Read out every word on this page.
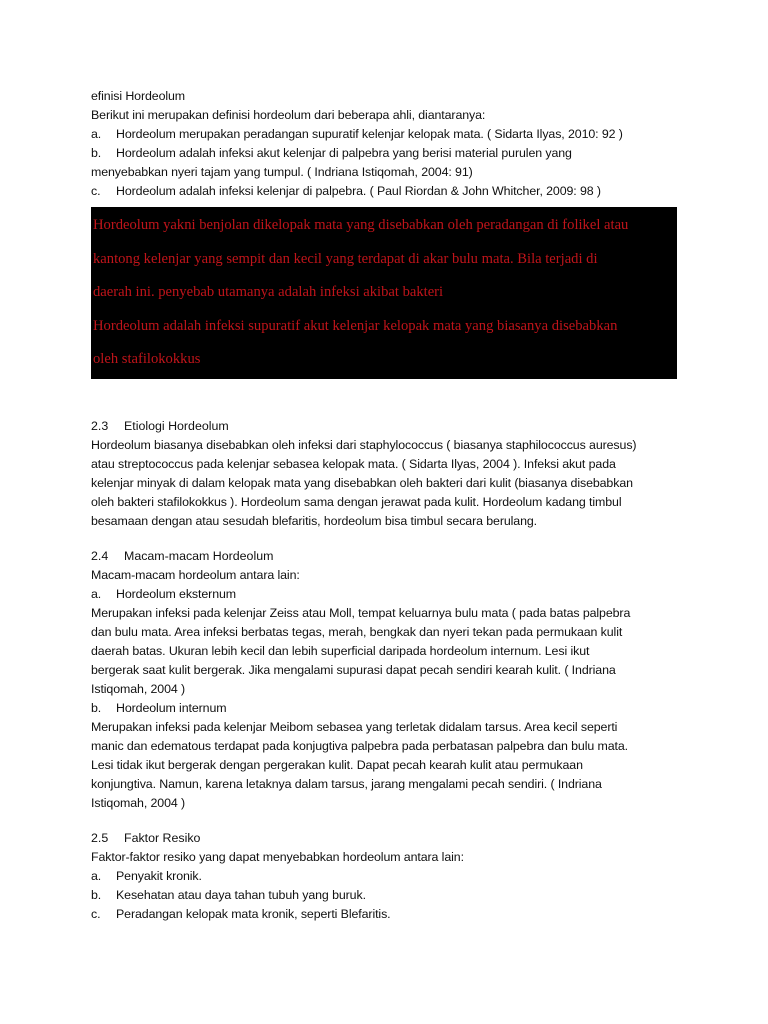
efinisi Hordeolum
Berikut ini merupakan definisi hordeolum dari beberapa ahli, diantaranya:
a.	Hordeolum merupakan peradangan supuratif kelenjar kelopak mata. ( Sidarta Ilyas, 2010: 92 )
b.	Hordeolum adalah infeksi akut kelenjar di palpebra yang berisi material purulen yang
menyebabkan nyeri tajam yang tumpul. ( Indriana Istiqomah, 2004: 91)
c.	Hordeolum adalah infeksi kelenjar di palpebra. ( Paul Riordan & John Whitcher, 2009: 98 )

Hordeolum yakni benjolan dikelopak mata yang disebabkan oleh peradangan di folikel atau

kantong kelenjar yang sempit dan kecil yang terdapat di akar bulu mata. Bila terjadi di

daerah ini. penyebab utamanya adalah infeksi akibat bakteri

Hordeolum adalah infeksi supuratif akut kelenjar kelopak mata yang biasanya disebabkan

oleh stafilokokkus

2.3	Etiologi Hordeolum
Hordeolum biasanya disebabkan oleh infeksi dari staphylococcus ( biasanya staphilococcus auresus)
atau streptococcus pada kelenjar sebasea kelopak mata. ( Sidarta Ilyas, 2004 ). Infeksi akut pada
kelenjar minyak di dalam kelopak mata yang disebabkan oleh bakteri dari kulit (biasanya disebabkan
oleh bakteri stafilokokkus ). Hordeolum sama dengan jerawat pada kulit. Hordeolum kadang timbul
besamaan dengan atau sesudah blefaritis, hordeolum bisa timbul secara berulang.
2.4	Macam-macam Hordeolum
Macam-macam hordeolum antara lain:
a.	Hordeolum eksternum
Merupakan infeksi pada kelenjar Zeiss atau Moll, tempat keluarnya bulu mata ( pada batas palpebra
dan bulu mata. Area infeksi berbatas tegas, merah, bengkak dan nyeri tekan pada permukaan kulit
daerah batas. Ukuran lebih kecil dan lebih superficial daripada hordeolum internum. Lesi ikut
bergerak saat kulit bergerak. Jika mengalami supurasi dapat pecah sendiri kearah kulit. ( Indriana
Istiqomah, 2004 )
b.	Hordeolum internum
Merupakan infeksi pada kelenjar Meibom sebasea yang terletak didalam tarsus. Area kecil seperti
manic dan edematous terdapat pada konjugtiva palpebra pada perbatasan palpebra dan bulu mata.
Lesi tidak ikut bergerak dengan pergerakan kulit. Dapat pecah kearah kulit atau permukaan
konjungtiva. Namun, karena letaknya dalam tarsus, jarang mengalami pecah sendiri. ( Indriana
Istiqomah, 2004 )
2.5	Faktor Resiko
Faktor-faktor resiko yang dapat menyebabkan hordeolum antara lain:
a.	Penyakit kronik.
b.	Kesehatan atau daya tahan tubuh yang buruk.
c.	Peradangan kelopak mata kronik, seperti Blefaritis.
